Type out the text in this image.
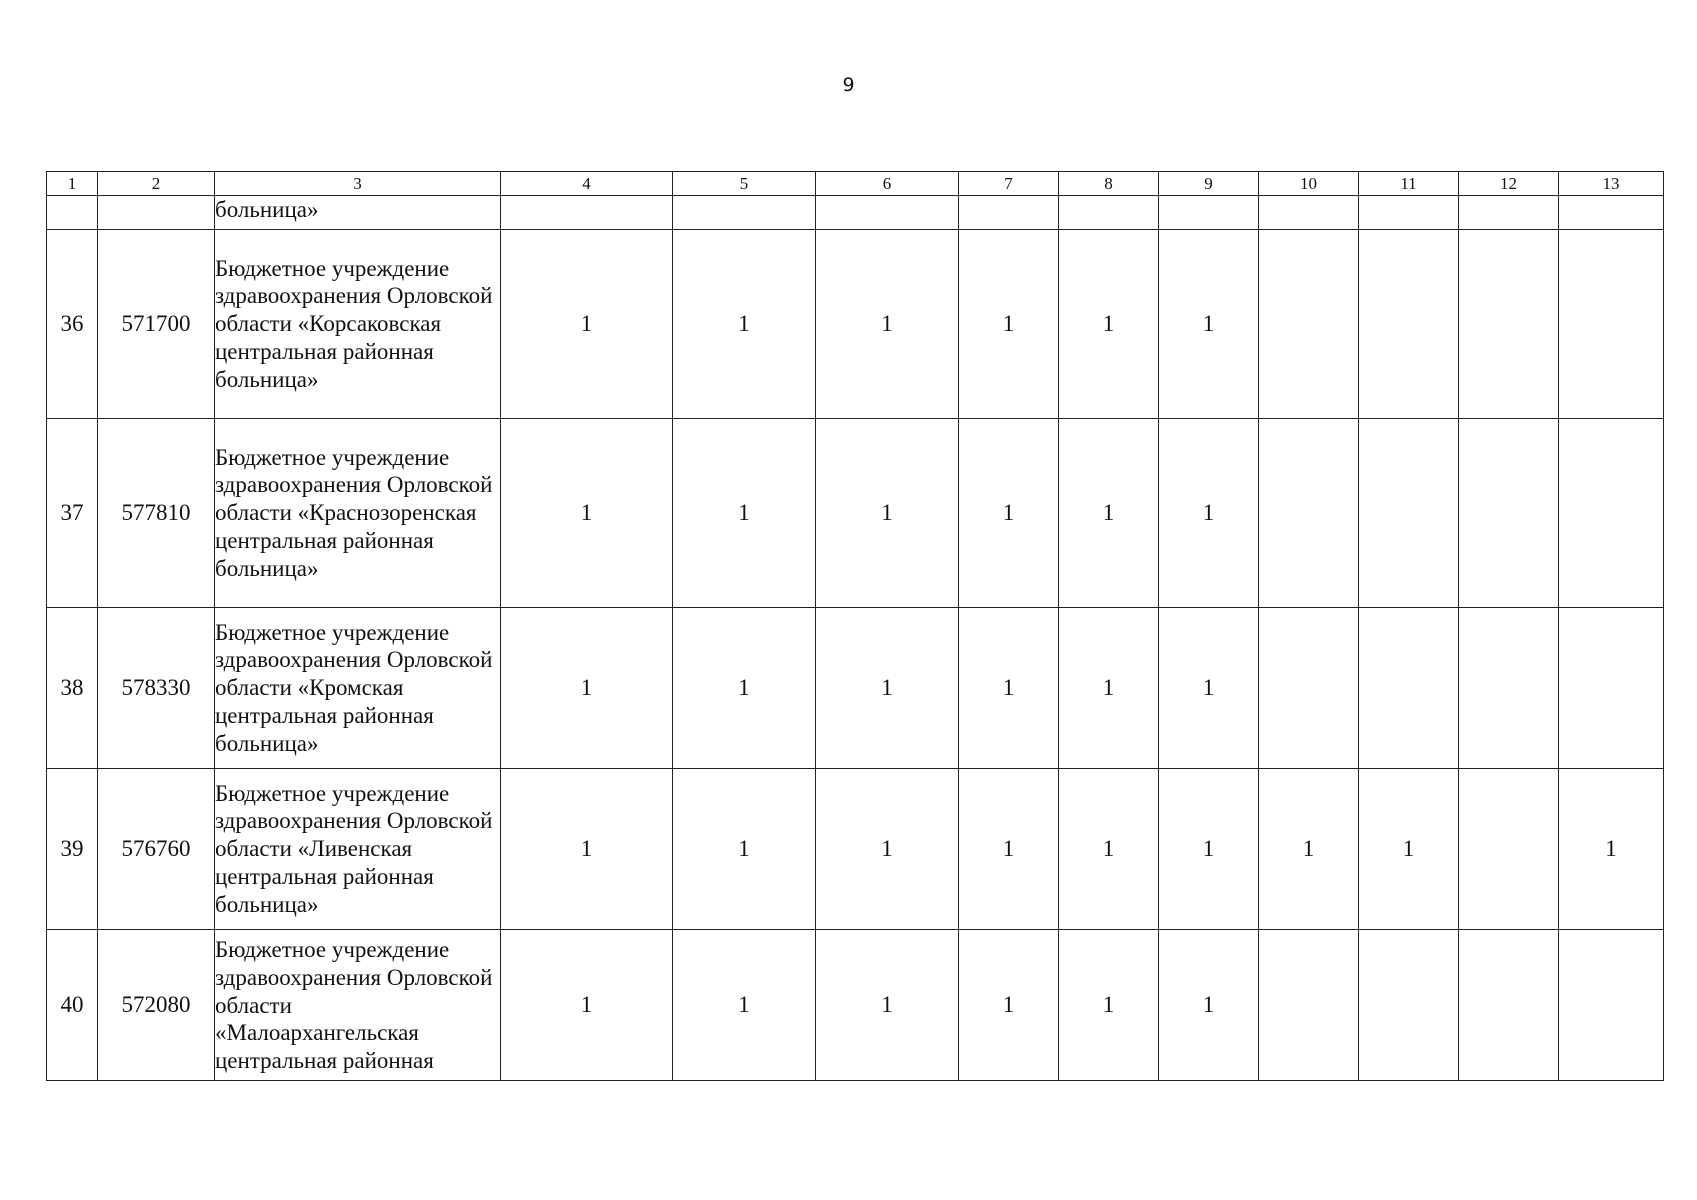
9
1	2	3	4	5	6	7	8	9	10	11	12	13
		больница»										
36	571700	Бюджетное учреждение здравоохранения Орловской области «Корсаковская центральная районная больница»	1	1	1	1	1	1				
37	577810	Бюджетное учреждение здравоохранения Орловской области «Краснозоренская центральная районная больница»	1	1	1	1	1	1				
38	578330	Бюджетное учреждение здравоохранения Орловской области «Кромская центральная районная больница»	1	1	1	1	1	1				
39	576760	Бюджетное учреждение здравоохранения Орловской области «Ливенская центральная районная больница»	1	1	1	1	1	1	1	1		1
40	572080	Бюджетное учреждение здравоохранения Орловской области «Малоархангельская центральная районная	1	1	1	1	1	1				
